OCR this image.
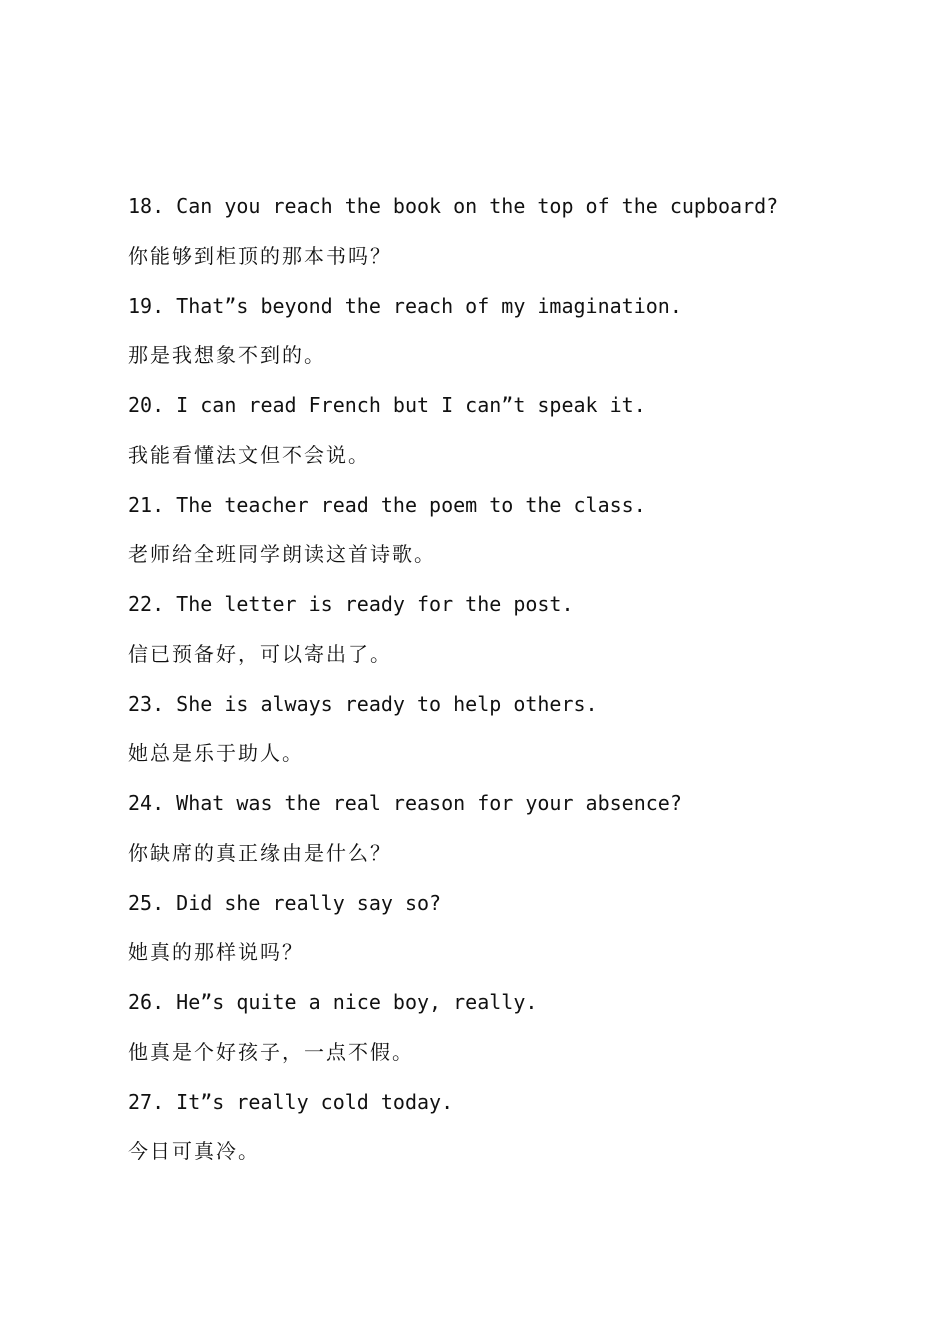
18. Can you reach the book on the top of the cupboard?
你能够到柜顶的那本书吗？
19. That”s beyond the reach of my imagination.
那是我想象不到的。
20. I can read French but I can”t speak it.
我能看懂法文但不会说。
21. The teacher read the poem to the class.
老师给全班同学朗读这首诗歌。
22. The letter is ready for the post.
信已预备好，可以寄出了。
23. She is always ready to help others.
她总是乐于助人。
24. What was the real reason for your absence?
你缺席的真正缘由是什么？
25. Did she really say so?
她真的那样说吗？
26. He”s quite a nice boy, really.
他真是个好孩子，一点不假。
27. It”s really cold today.
今日可真冷。
